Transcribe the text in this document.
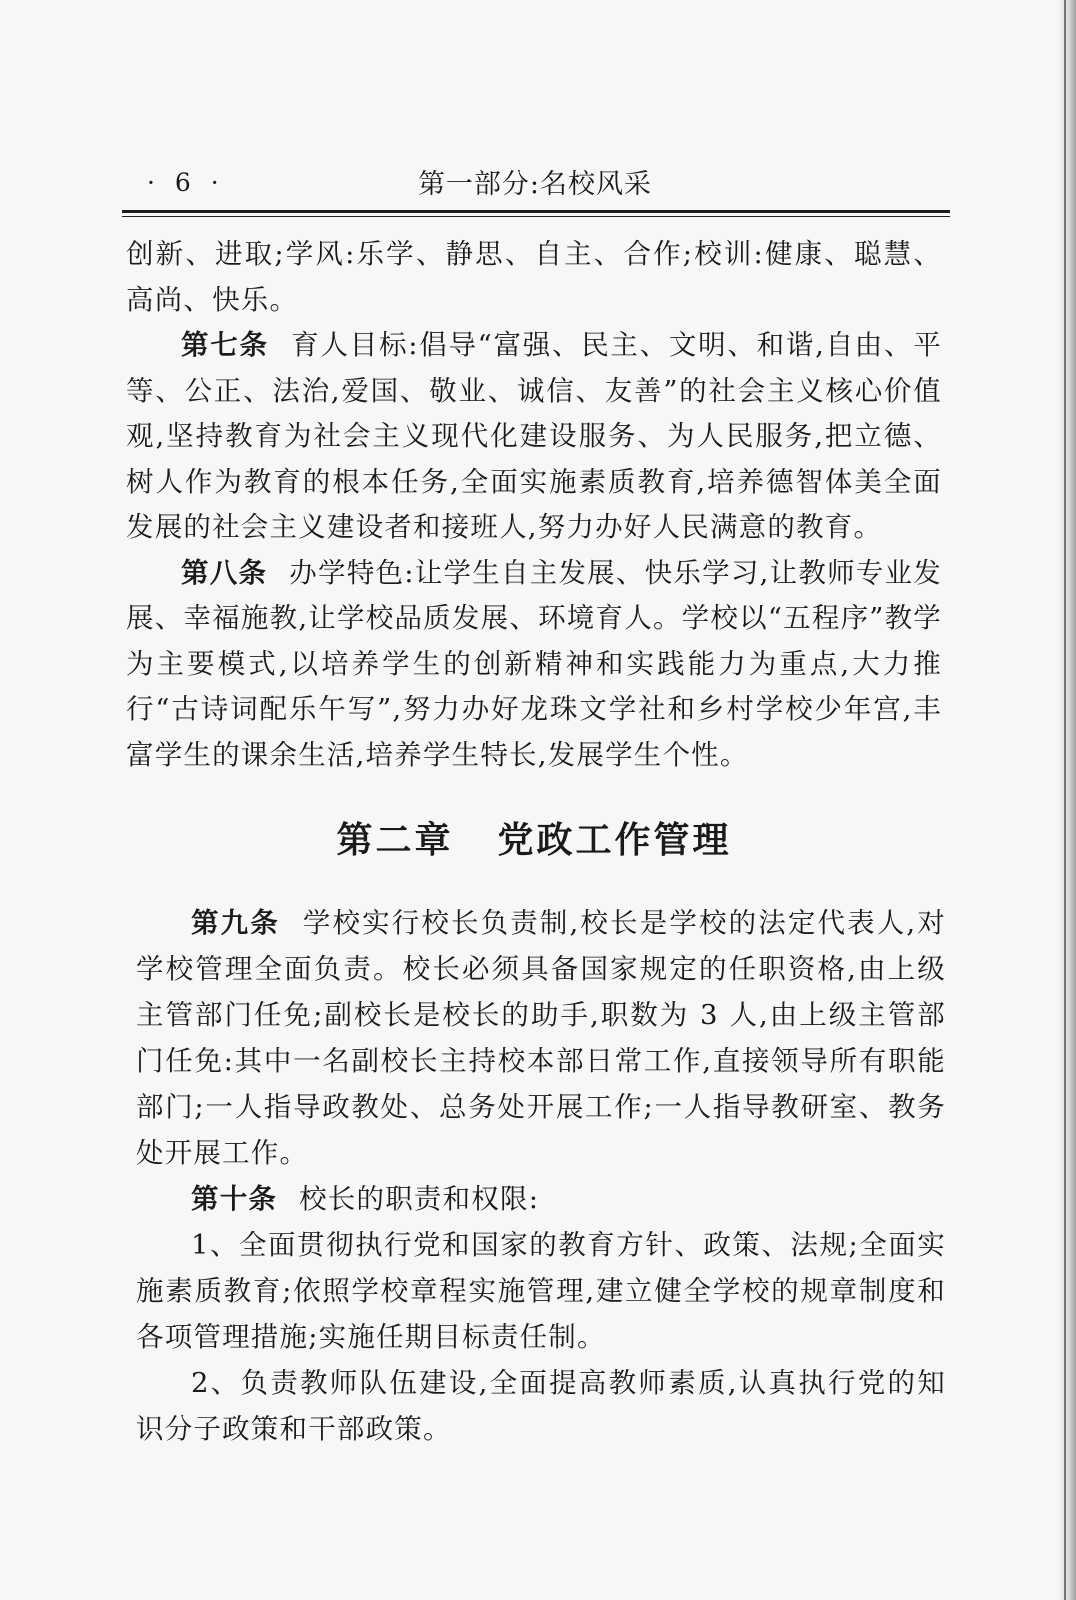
· 6 ·	第一部分:名校风采

创新、进取;学风:乐学、静思、自主、合作;校训:健康、聪慧、高尚、快乐。

第七条 育人目标:倡导“富强、民主、文明、和谐,自由、平等、公正、法治,爱国、敬业、诚信、友善”的社会主义核心价值观,坚持教育为社会主义现代化建设服务、为人民服务,把立德、树人作为教育的根本任务,全面实施素质教育,培养德智体美全面发展的社会主义建设者和接班人,努力办好人民满意的教育。

第八条 办学特色:让学生自主发展、快乐学习,让教师专业发展、幸福施教,让学校品质发展、环境育人。学校以“五程序”教学为主要模式,以培养学生的创新精神和实践能力为重点,大力推行“古诗词配乐午写”,努力办好龙珠文学社和乡村学校少年宫,丰富学生的课余生活,培养学生特长,发展学生个性。

第二章 党政工作管理

第九条 学校实行校长负责制,校长是学校的法定代表人,对学校管理全面负责。校长必须具备国家规定的任职资格,由上级主管部门任免;副校长是校长的助手,职数为 3 人,由上级主管部门任免:其中一名副校长主持校本部日常工作,直接领导所有职能部门;一人指导政教处、总务处开展工作;一人指导教研室、教务处开展工作。

第十条 校长的职责和权限:

1、全面贯彻执行党和国家的教育方针、政策、法规;全面实施素质教育;依照学校章程实施管理,建立健全学校的规章制度和各项管理措施;实施任期目标责任制。

2、负责教师队伍建设,全面提高教师素质,认真执行党的知识分子政策和干部政策。
